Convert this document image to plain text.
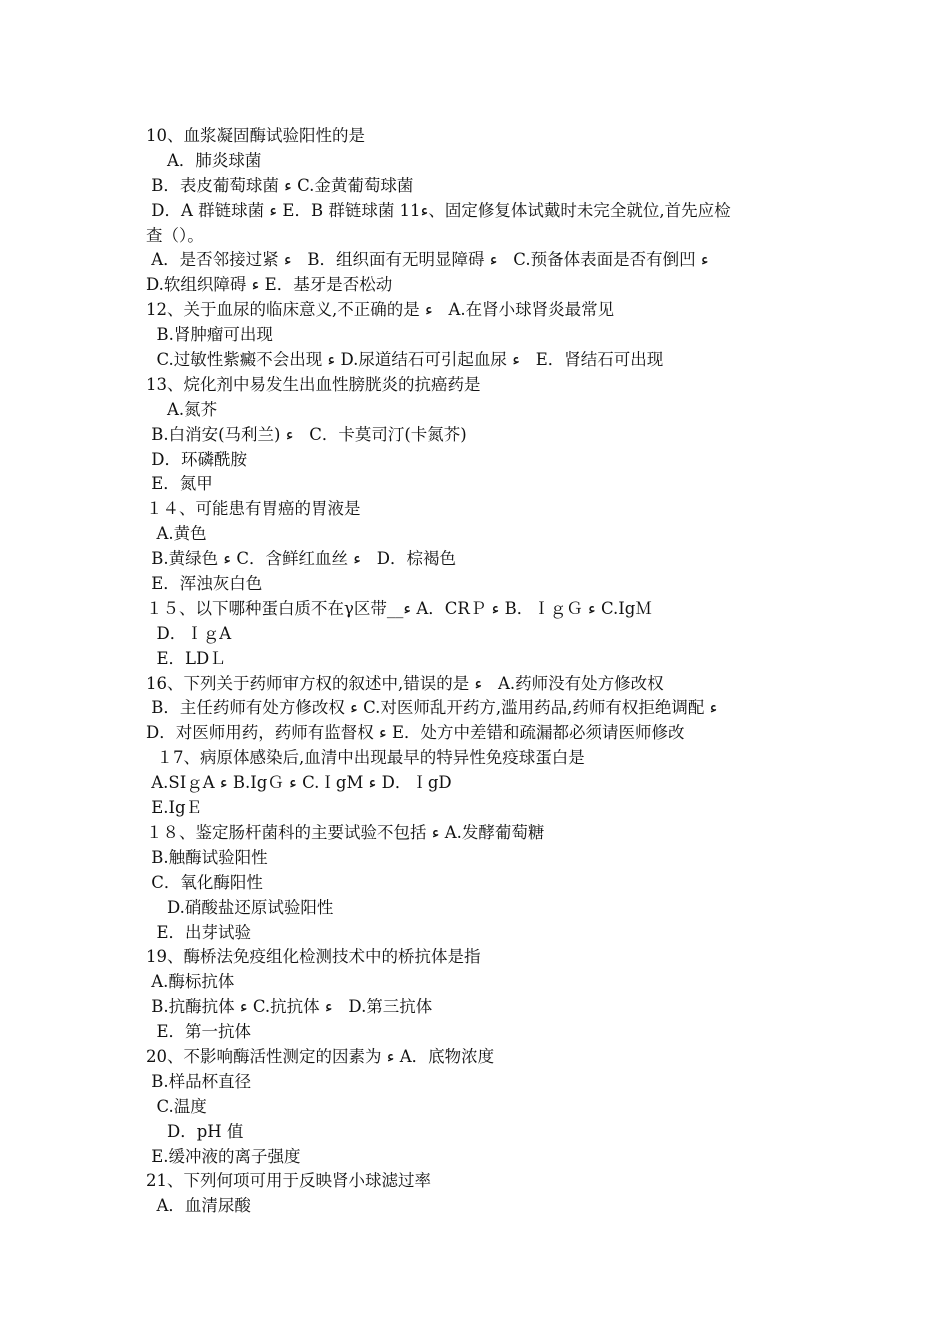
10、血浆凝固酶试验阳性的是
A．肺炎球菌
B．表皮葡萄球菌 ء C.金黄葡萄球菌
D．A 群链球菌 ء E．B 群链球菌 11ء、固定修复体试戴时未完全就位,首先应检
查（）。
A．是否邻接过紧 ء   B．组织面有无明显障碍 ء   C.预备体表面是否有倒凹 ء
D.软组织障碍 ء E．基牙是否松动
12、关于血尿的临床意义,不正确的是 ء   A.在肾小球肾炎最常见
B.肾肿瘤可出现
C.过敏性紫癜不会出现 ء D.尿道结石可引起血尿 ء   E．肾结石可出现
13、烷化剂中易发生出血性膀胱炎的抗癌药是
A.氮芥
B.白消安(马利兰) ء   C．卡莫司汀(卡氮芥)
D．环磷酰胺
E．氮甲
１４、可能患有胃癌的胃液是
A.黄色
B.黄绿色 ء C．含鲜红血丝 ء   D．棕褐色
E．浑浊灰白色
１５、以下哪种蛋白质不在γ区带__ء A．CRＰ ء B．ＩｇＧ ء C.IgＭ
D．ＩｇA
E．LDＬ
16、下列关于药师审方权的叙述中,错误的是 ء   A.药师没有处方修改权
B．主任药师有处方修改权 ء C.对医师乱开药方,滥用药品,药师有权拒绝调配 ء
D．对医师用药，药师有监督权 ء E．处方中差错和疏漏都必须请医师修改
１7、病原体感染后,血清中出现最早的特异性免疫球蛋白是
A.SIｇA ء B.IgＧ ء C.ＩgM ء D．ＩgD
E.IgＥ
１８、鉴定肠杆菌科的主要试验不包括 ء A.发酵葡萄糖
B.触酶试验阳性
C．氧化酶阳性
D.硝酸盐还原试验阳性
E．出芽试验
19、酶桥法免疫组化检测技术中的桥抗体是指
A.酶标抗体
B.抗酶抗体 ء C.抗抗体 ء   D.第三抗体
E．第一抗体
20、不影响酶活性测定的因素为 ء A．底物浓度
B.样品杯直径
C.温度
D．pH 值
E.缓冲液的离子强度
21、下列何项可用于反映肾小球滤过率
A．血清尿酸
